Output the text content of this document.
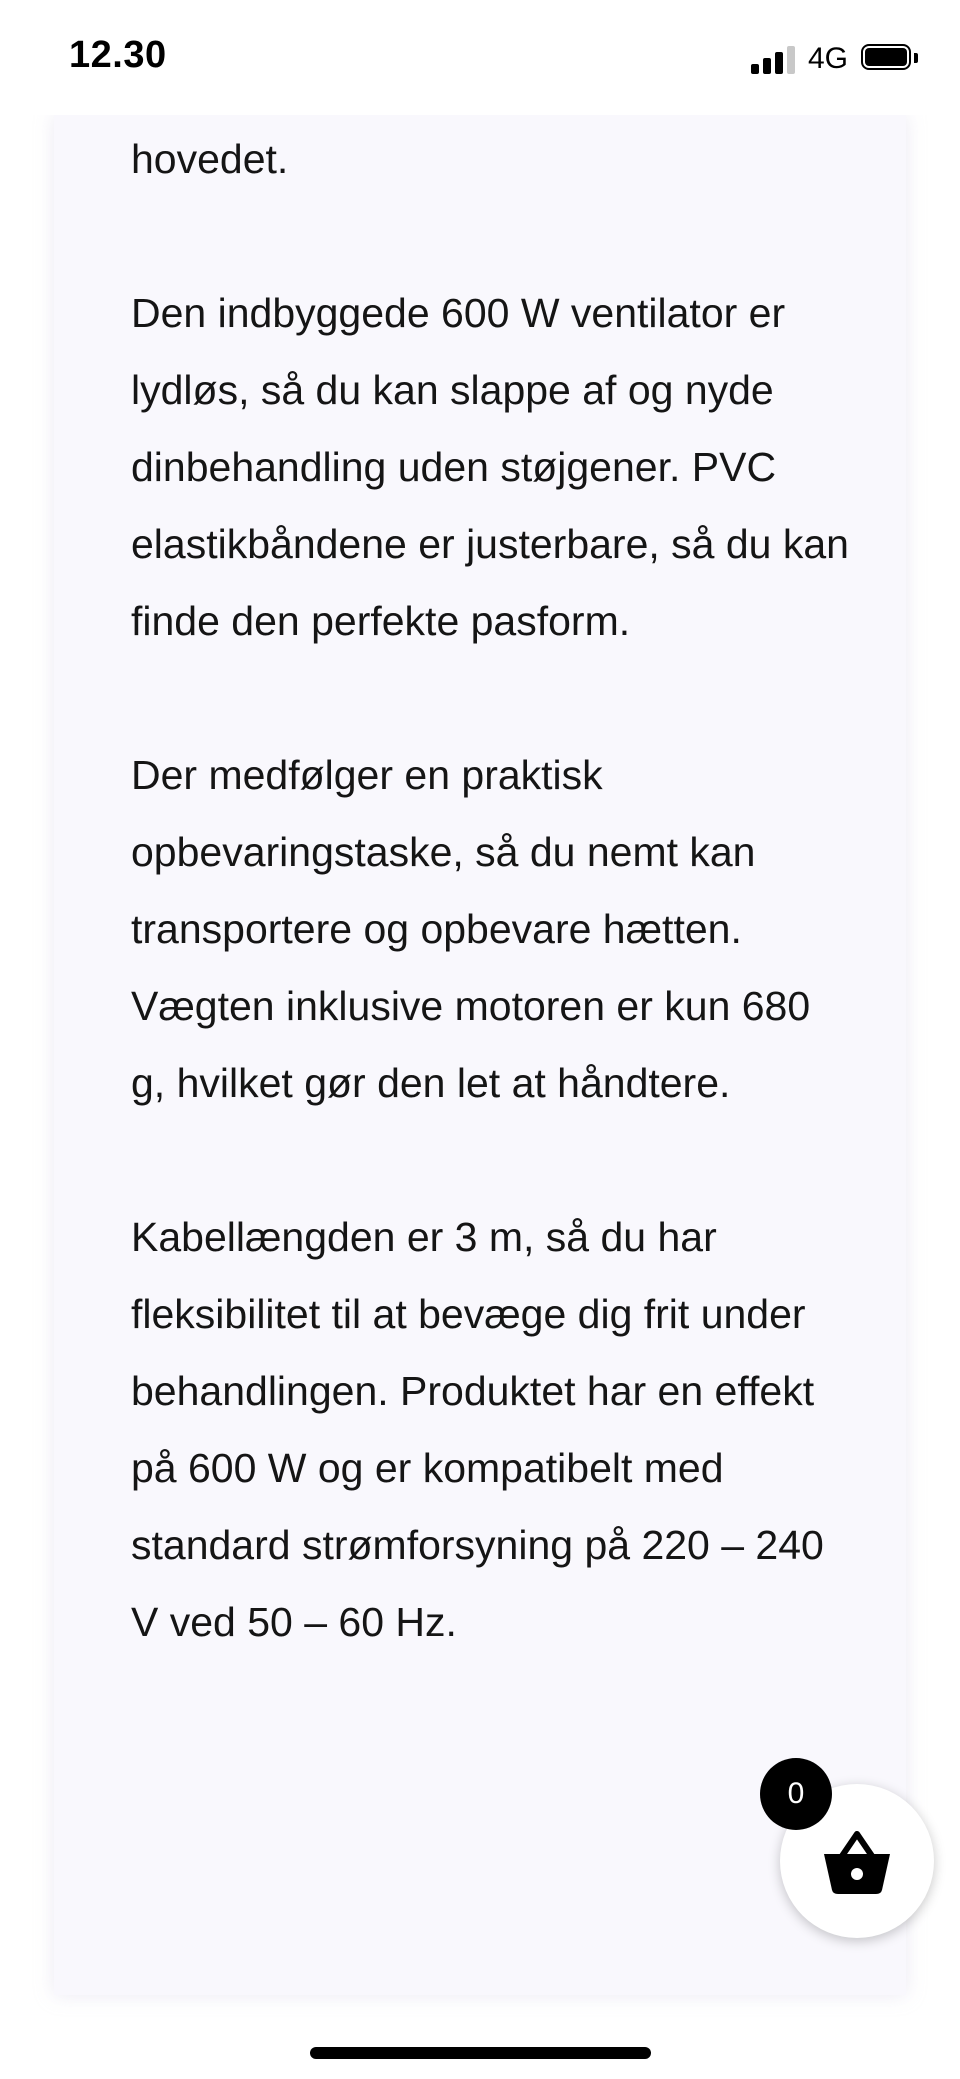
12.30	4G

hovedet.

Den indbyggede 600 W ventilator er lydløs, så du kan slappe af og nyde dinbehandling uden støjgener. PVC elastikbåndene er justerbare, så du kan finde den perfekte pasform.

Der medfølger en praktisk opbevaringstaske, så du nemt kan transportere og opbevare hætten. Vægten inklusive motoren er kun 680 g, hvilket gør den let at håndtere.

Kabellængden er 3 m, så du har fleksibilitet til at bevæge dig frit under behandlingen. Produktet har en effekt på 600 W og er kompatibelt med standard strømforsyning på 220 – 240 V ved 50 – 60 Hz.

0
